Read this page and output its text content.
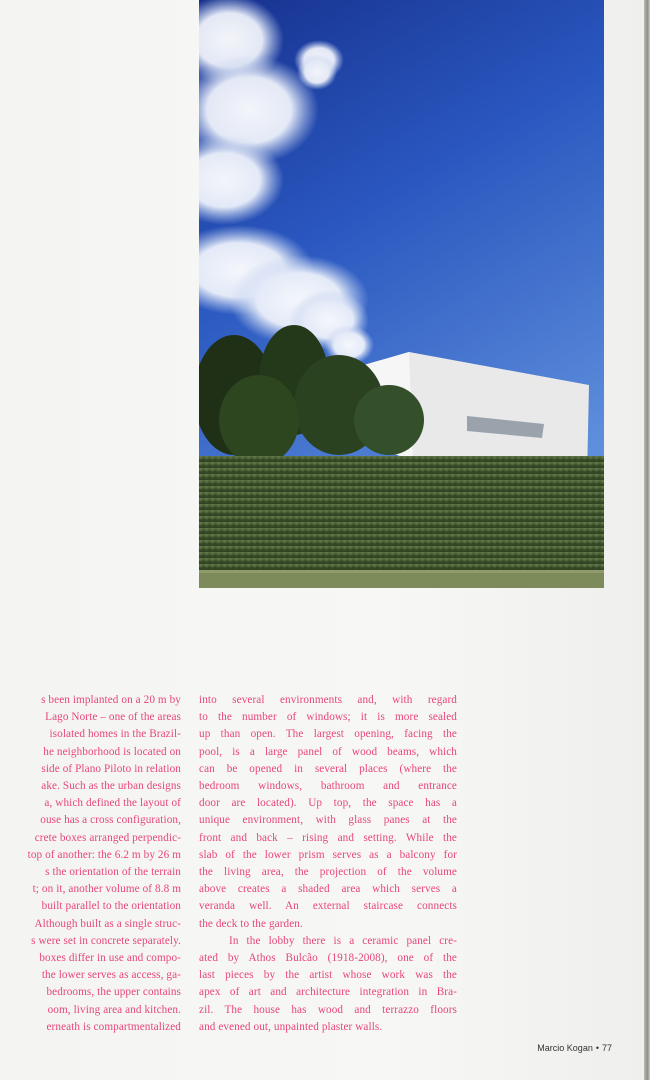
s been implanted on a 20 m by

Lago Norte – one of the areas

isolated homes in the Brazil-

he neighborhood is located on

side of Plano Piloto in relation

ake. Such as the urban designs

a, which defined the layout of

ouse has a cross configuration,

crete boxes arranged perpendic-

top of another: the 6.2 m by 26 m

s the orientation of the terrain

t; on it, another volume of 8.8 m

built parallel to the orientation

Although built as a single struc-

s were set in concrete separately.

boxes differ in use and compo-

the lower serves as access, ga-

bedrooms, the upper contains

oom, living area and kitchen.

erneath is compartmentalized

into several environments and, with regard

to the number of windows; it is more sealed

up than open. The largest opening, facing the

pool, is a large panel of wood beams, which

can be opened in several places (where the

bedroom windows, bathroom and entrance

door are located). Up top, the space has a

unique environment, with glass panes at the

front and back – rising and setting. While the

slab of the lower prism serves as a balcony for

the living area, the projection of the volume

above creates a shaded area which serves a

veranda well. An external staircase connects

the deck to the garden.

In the lobby there is a ceramic panel cre-

ated by Athos Bulcão (1918-2008), one of the

last pieces by the artist whose work was the

apex of art and architecture integration in Bra-

zil. The house has wood and terrazzo floors

and evened out, unpainted plaster walls.

Marcio Kogan • 77
